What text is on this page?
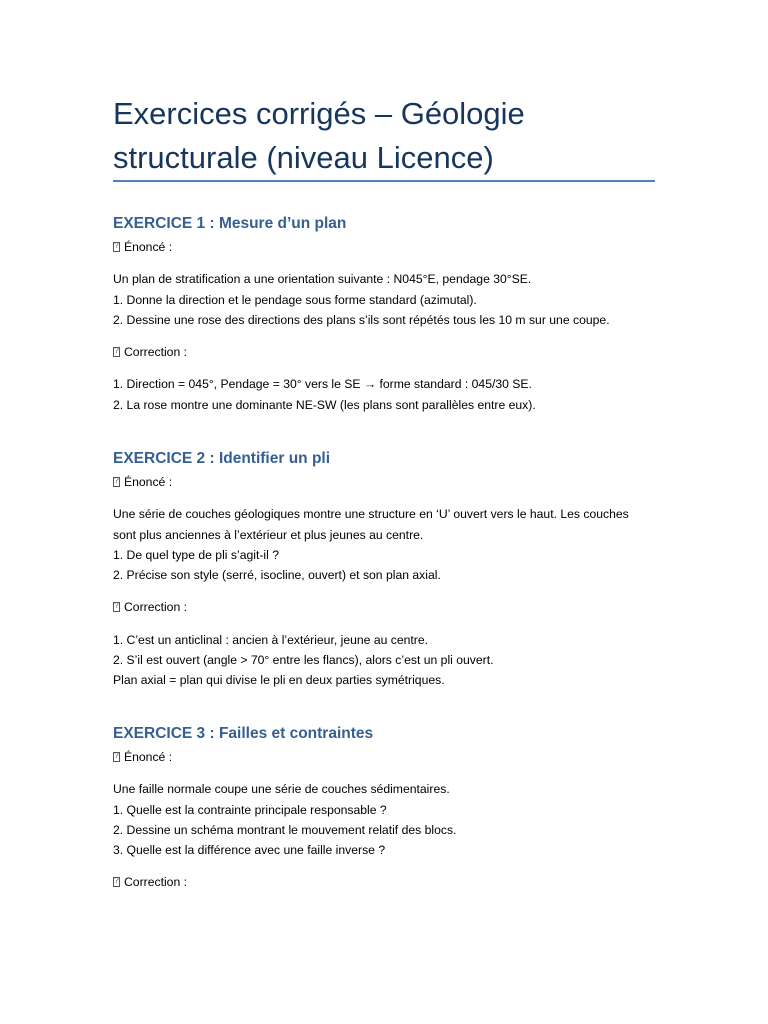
Exercices corrigés – Géologie structurale (niveau Licence)
EXERCICE 1 : Mesure d’un plan
?Énoncé :
Un plan de stratification a une orientation suivante : N045°E, pendage 30°SE.
1. Donne la direction et le pendage sous forme standard (azimutal).
2. Dessine une rose des directions des plans s’ils sont répétés tous les 10 m sur une coupe.
?Correction :
1. Direction = 045°, Pendage = 30° vers le SE → forme standard : 045/30 SE.
2. La rose montre une dominante NE-SW (les plans sont parallèles entre eux).
EXERCICE 2 : Identifier un pli
?Énoncé :
Une série de couches géologiques montre une structure en ‘U’ ouvert vers le haut. Les couches
sont plus anciennes à l’extérieur et plus jeunes au centre.
1. De quel type de pli s’agit-il ?
2. Précise son style (serré, isocline, ouvert) et son plan axial.
?Correction :
1. C’est un anticlinal : ancien à l’extérieur, jeune au centre.
2. S’il est ouvert (angle > 70° entre les flancs), alors c’est un pli ouvert.
Plan axial = plan qui divise le pli en deux parties symétriques.
EXERCICE 3 : Failles et contraintes
?Énoncé :
Une faille normale coupe une série de couches sédimentaires.
1. Quelle est la contrainte principale responsable ?
2. Dessine un schéma montrant le mouvement relatif des blocs.
3. Quelle est la différence avec une faille inverse ?
?Correction :
